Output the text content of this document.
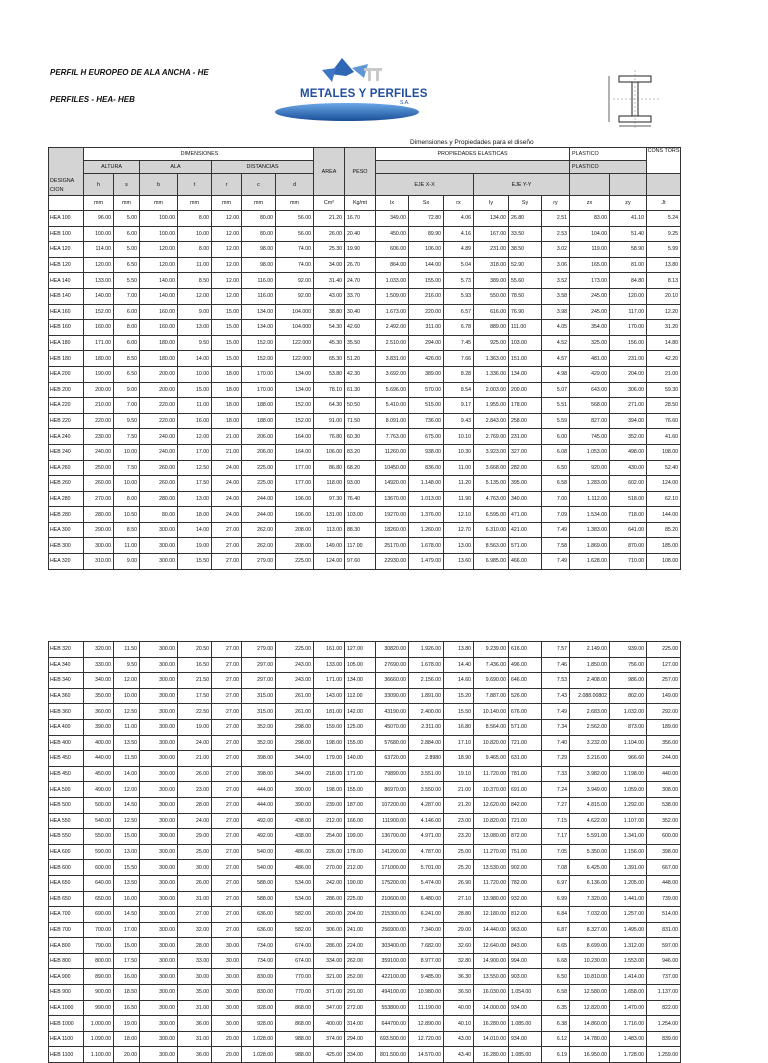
PERFIL H EUROPEO DE ALA ANCHA - HE
PERFILES - HEA- HEB	METALES Y PERFILES
S.A.
Dimensiones y Propiedades para el diseño
DESIGNA CION	DIMENSIONES							AREA	PESO	PROPIEDADES ELASTICAS						PLASTICO		CONS TORS
	ALTURA		ALA		DISTANCIAS											PLASTICO		
	h	s	b	t	r	c	d			EJE X-X			EJE Y-Y					
	mm	mm	mm	mm	mm	mm	mm	Cm²	Kg/mt	Ix	Sx	rx	Iy	Sy	ry	zx	zy	Jt
HEA 100	96.00	5.00	100.00	8.00	12.00	80.00	56.00	21.20	16.70	349.00	72.80	4.06	134.00	26.80	2.51	83.00	41.10	5.24
HEB 100	100.00	6.00	100.00	10.00	12.00	80.00	56.00	26.00	20.40	450.00	89.90	4.16	167.00	33.50	2.53	104.00	51.40	9.25
HEA 120	114.00	5.00	120.00	8.00	12.00	98.00	74.00	25.30	19.90	606.00	106.00	4.89	231.00	38.50	3.02	119.00	58.90	5.99
HEB 120	120.00	6.50	120.00	11.00	12.00	98.00	74.00	34.00	26.70	864.00	144.00	5.04	318.00	52.90	3.06	165.00	81.00	13.80
HEA 140	133.00	5.50	140.00	8.50	12.00	116.00	92.00	31.40	24.70	1.033.00	155.00	5.73	389.00	55.60	3.52	173.00	84.80	8.13
HEB 140	140.00	7.00	140.00	12.00	12.00	116.00	92.00	43.00	33.70	1.509.00	216.00	5.93	550.00	78.50	3.58	245.00	120.00	20.10
HEA 160	152.00	6.00	160.00	9.00	15.00	134.00	104.000	38.80	30.40	1.673.00	220.00	6.57	616.00	76.90	3.98	245.00	117.00	12.20
HEB 160	160.00	8.00	160.00	13.00	15.00	134.00	104.000	54.30	42.60	2.492.00	311.00	6.78	889.00	111.00	4.05	354.00	170.00	31.20
HEA 180	171.00	6.00	180.00	9.50	15.00	152.00	122.000	45.30	35.50	2.510.00	294.00	7.45	925.00	103.00	4.52	325.00	156.00	14.80
HEB 180	180.00	8.50	180.00	14.00	15.00	152.00	122.000	65.30	51.20	3.831.00	426.00	7.66	1.363.00	151.00	4.57	481.00	231.00	42.20
HEA 200	190.00	6.50	200.00	10.00	18.00	170.00	134.00	53.80	42.30	3.692.00	389.00	8.28	1.336.00	134.00	4.98	429.00	204.00	21.00
HEB 200	200.00	9.00	200.00	15.00	18.00	170.00	134.00	78.10	61.30	5.696.00	570.00	8.54	2.003.00	200.00	5.07	643.00	306.00	59.30
HEA 220	210.00	7.00	220.00	11.00	18.00	188.00	152.00	64.30	50.50	5.410.00	515.00	9.17	1.955.00	178.00	5.51	568.00	271.00	28.50
HEB 220	220.00	9.50	220.00	16.00	18.00	188.00	152.00	91.00	71.50	8.091.00	736.00	9.43	2.843.00	258.00	5.59	827.00	394.00	76.60
HEA 240	230.00	7.50	240.00	12.00	21.00	206.00	164.00	76.80	60.30	7.763.00	675.00	10.10	2.769.00	231.00	6.00	745.00	352.00	41.60
HEB 240	240.00	10.00	240.00	17.00	21.00	206.00	164.00	106.00	83.20	11260.00	938.00	10.30	3.923.00	327.00	6.08	1.053.00	498.00	108.00
HEA 260	250.00	7.50	260.00	12.50	24.00	225.00	177.00	86.80	68.20	10450.00	836.00	11.00	3.668.00	282.00	6.50	920.00	430.00	52.40
HEB 260	260.00	10.00	260.00	17.50	24.00	225.00	177.00	118.00	93.00	14920.00	1.148.00	11.20	5.135.00	395.00	6.58	1.283.00	602.00	124.00
HEA 280	270.00	8.00	280.00	13.00	24.00	244.00	196.00	97.30	76.40	13670.00	1.013.00	11.90	4.763.00	340.00	7.00	1.112.00	518.00	62.10
HEB 280	280.00	10.50	80.00	18.00	24.00	244.00	196.00	131.00	103.00	19270.00	1.376.00	12.10	6.595.00	471.00	7.09	1.534.00	718.00	144.00
HEA 300	290.00	8.50	300.00	14.00	27.00	262.00	208.00	113.00	88.30	18260.00	1.260.00	12.70	6.310.00	421.00	7.49	1.383.00	641.00	85.20
HEB 300	300.00	11.00	300.00	19.00	27.00	262.00	208.00	149.00	117.00	25170.00	1.678.00	13.00	8.563.00	571.00	7.58	1.869.00	870.00	185.00
HEA 320	310.00	9.00	300.00	15.50	27.00	279.00	225.00	124.00	97.60	22930.00	1.479.00	13.60	6.985.00	466.00	7.49	1.628.00	710.00	108.00
HEB 320	320.00	11.50	300.00	20.50	27.00	279.00	225.00	161.00	127.00	30820.00	1.926.00	13.80	9.239.00	616.00	7.57	2.149.00	939.00	225.00
HEA 340	330.00	9.50	300.00	16.50	27.00	297.00	243.00	133.00	105.00	27690.00	1.678.00	14.40	7.436.00	496.00	7.46	1.850.00	756.00	127.00
HEB 340	340.00	12.00	300.00	21.50	27.00	297.00	243.00	171.00	134.00	36660.00	2.156.00	14.60	9.690.00	646.00	7.53	2.408.00	986.00	257.00
HEA 360	350.00	10.00	300.00	17.50	27.00	315.00	261.00	143.00	112.00	33090.00	1.891.00	15.20	7.887.00	526.00	7.43	2.088.00802	802.00	149.00
HEB 360	360.00	12.50	300.00	22.50	27.00	315.00	261.00	181.00	142.00	43190.00	2.400.00	15.50	10.140.00	676.00	7.49	2.683.00	1.032.00	292.00
HEA 400	390.00	11.00	300.00	19.00	27.00	352.00	298.00	159.00	125.00	45070.00	2.311.00	16.80	8.564.00	571.00	7.34	2.562.00	873.00	189.00
HEB 400	400.00	13.50	300.00	24.00	27.00	352.00	298.00	198.00	155.00	57680.00	2.884.00	17.10	10.820.00	721.00	7.40	3.232.00	1.104.00	356.00
HEB 450	440.00	11.50	300.00	21.00	27.00	398.00	344.00	179.00	140.00	63720.00	2.8980	18.90	9.465.00	631.00	7.29	3.216.00	966.60	244.00
HEB 450	450.00	14.00	300.00	26.00	27.00	398.00	344.00	218.00	171.00	79890.00	3.551.00	19.10	11.720.00	781.00	7.33	3.982.00	1.198.00	440.00
HEA 500	490.00	12.00	300.00	23.00	27.00	444.00	390.00	198.00	155.00	86970.00	3.550.00	21.00	10.370.00	691.00	7.24	3.949.00	1.059.00	308.00
HEB 500	500.00	14.50	300.00	28.00	27.00	444.00	390.00	239.00	187.00	107200.00	4.287.00	21.20	12.620.00	842.00	7.27	4.815.00	1.292.00	538.00
HEA 550	540.00	12.50	300.00	24.00	27.00	492.00	438.00	212.00	166.00	111900.00	4.146.00	23.00	10.820.00	721.00	7.15	4.622.00	1.107.00	352.00
HEB 550	550.00	15.00	300.00	29.00	27.00	492.00	438.00	254.00	199.00	136700.00	4.971.00	23.20	13.080.00	872.00	7.17	5.591.00	1.341.00	600.00
HEA 600	590.00	13.00	300.00	25.00	27.00	540.00	486.00	226.00	178.00	141200.00	4.787.00	25.00	11.270.00	751.00	7.05	5.350.00	1.156.00	398.00
HEB 600	600.00	15.50	300.00	30.00	27.00	540.00	486.00	270.00	212.00	171000.00	5.701.00	25.20	13.530.00	902.00	7.08	6.425.00	1.391.00	667.00
HEA 650	640.00	13.50	300.00	26.00	27.00	588.00	534.00	242.00	190.00	175200.00	5.474.00	26.90	11.720.00	782.00	6.97	6.136.00	1.205.00	448.00
HEB 650	650.00	16.00	300.00	31.00	27.00	588.00	534.00	286.00	225.00	210600.00	6.480.00	27.10	13.980.00	932.00	6.99	7.320.00	1.441.00	739.00
HEA 700	690.00	14.50	300.00	27.00	27.00	636.00	582.00	260.00	204.00	215300.00	6.241.00	28.80	12.180.00	812.00	6.84	7.032.00	1.257.00	514.00
HEB 700	700.00	17.00	300.00	32.00	27.00	636.00	582.00	306.00	241.00	256900.00	7.340.00	29.00	14.440.00	963.00	6.87	8.327.00	1.495.00	831.00
HEA 800	790.00	15.00	300.00	28.00	30.00	734.00	674.00	286.00	224.00	303400.00	7.682.00	32.60	12.640.00	843.00	6.65	8.699.00	1.312.00	597.00
HEB 800	800.00	17.50	300.00	33.00	30.00	734.00	674.00	334.00	262.00	359100.00	8.977.00	32.80	14.900.00	994.00	6.68	10.230.00	1.553.00	946.00
HEA 900	890.00	16.00	300.00	30.00	30.00	830.00	770.00	321.00	252.00	422100.00	9.485.00	36.30	13.550.00	903.00	6.50	10.810.00	1.414.00	737.00
HEB 900	900.00	18.50	300.00	35.00	30.00	830.00	770.00	371.00	291.00	494100.00	10.980.00	36.50	16.030.00	1.054.00	6.58	12.580.00	1.658.00	1.137.00
HEA 1000	990.00	16.50	300.00	31.00	30.00	928.00	868.00	347.00	272.00	553800.00	11.190.00	40.00	14.000.00	934.00	6.35	12.820.00	1.470.00	822.00
HEB 1000	1.000.00	19.00	300.00	36.00	30.00	928.00	868.00	400.00	314.00	644700.00	12.890.00	40.10	16.280.00	1.085.00	6.38	14.860.00	1.716.00	1.254.00
HEA 1100	1.090.00	18.00	300.00	31.00	20.00	1.028.00	988.00	374.00	294.00	693.500.00	12.720.00	43.00	14.010.00	934.00	6.12	14.780.00	1.483.00	839.00
HEB 1100	1.100.00	20.00	300.00	36.00	20.00	1.028.00	988.00	425.00	334.00	801.500.00	14.570.00	43.40	16.280.00	1.085.00	6.19	16.950.00	1.728.00	1.259.00
